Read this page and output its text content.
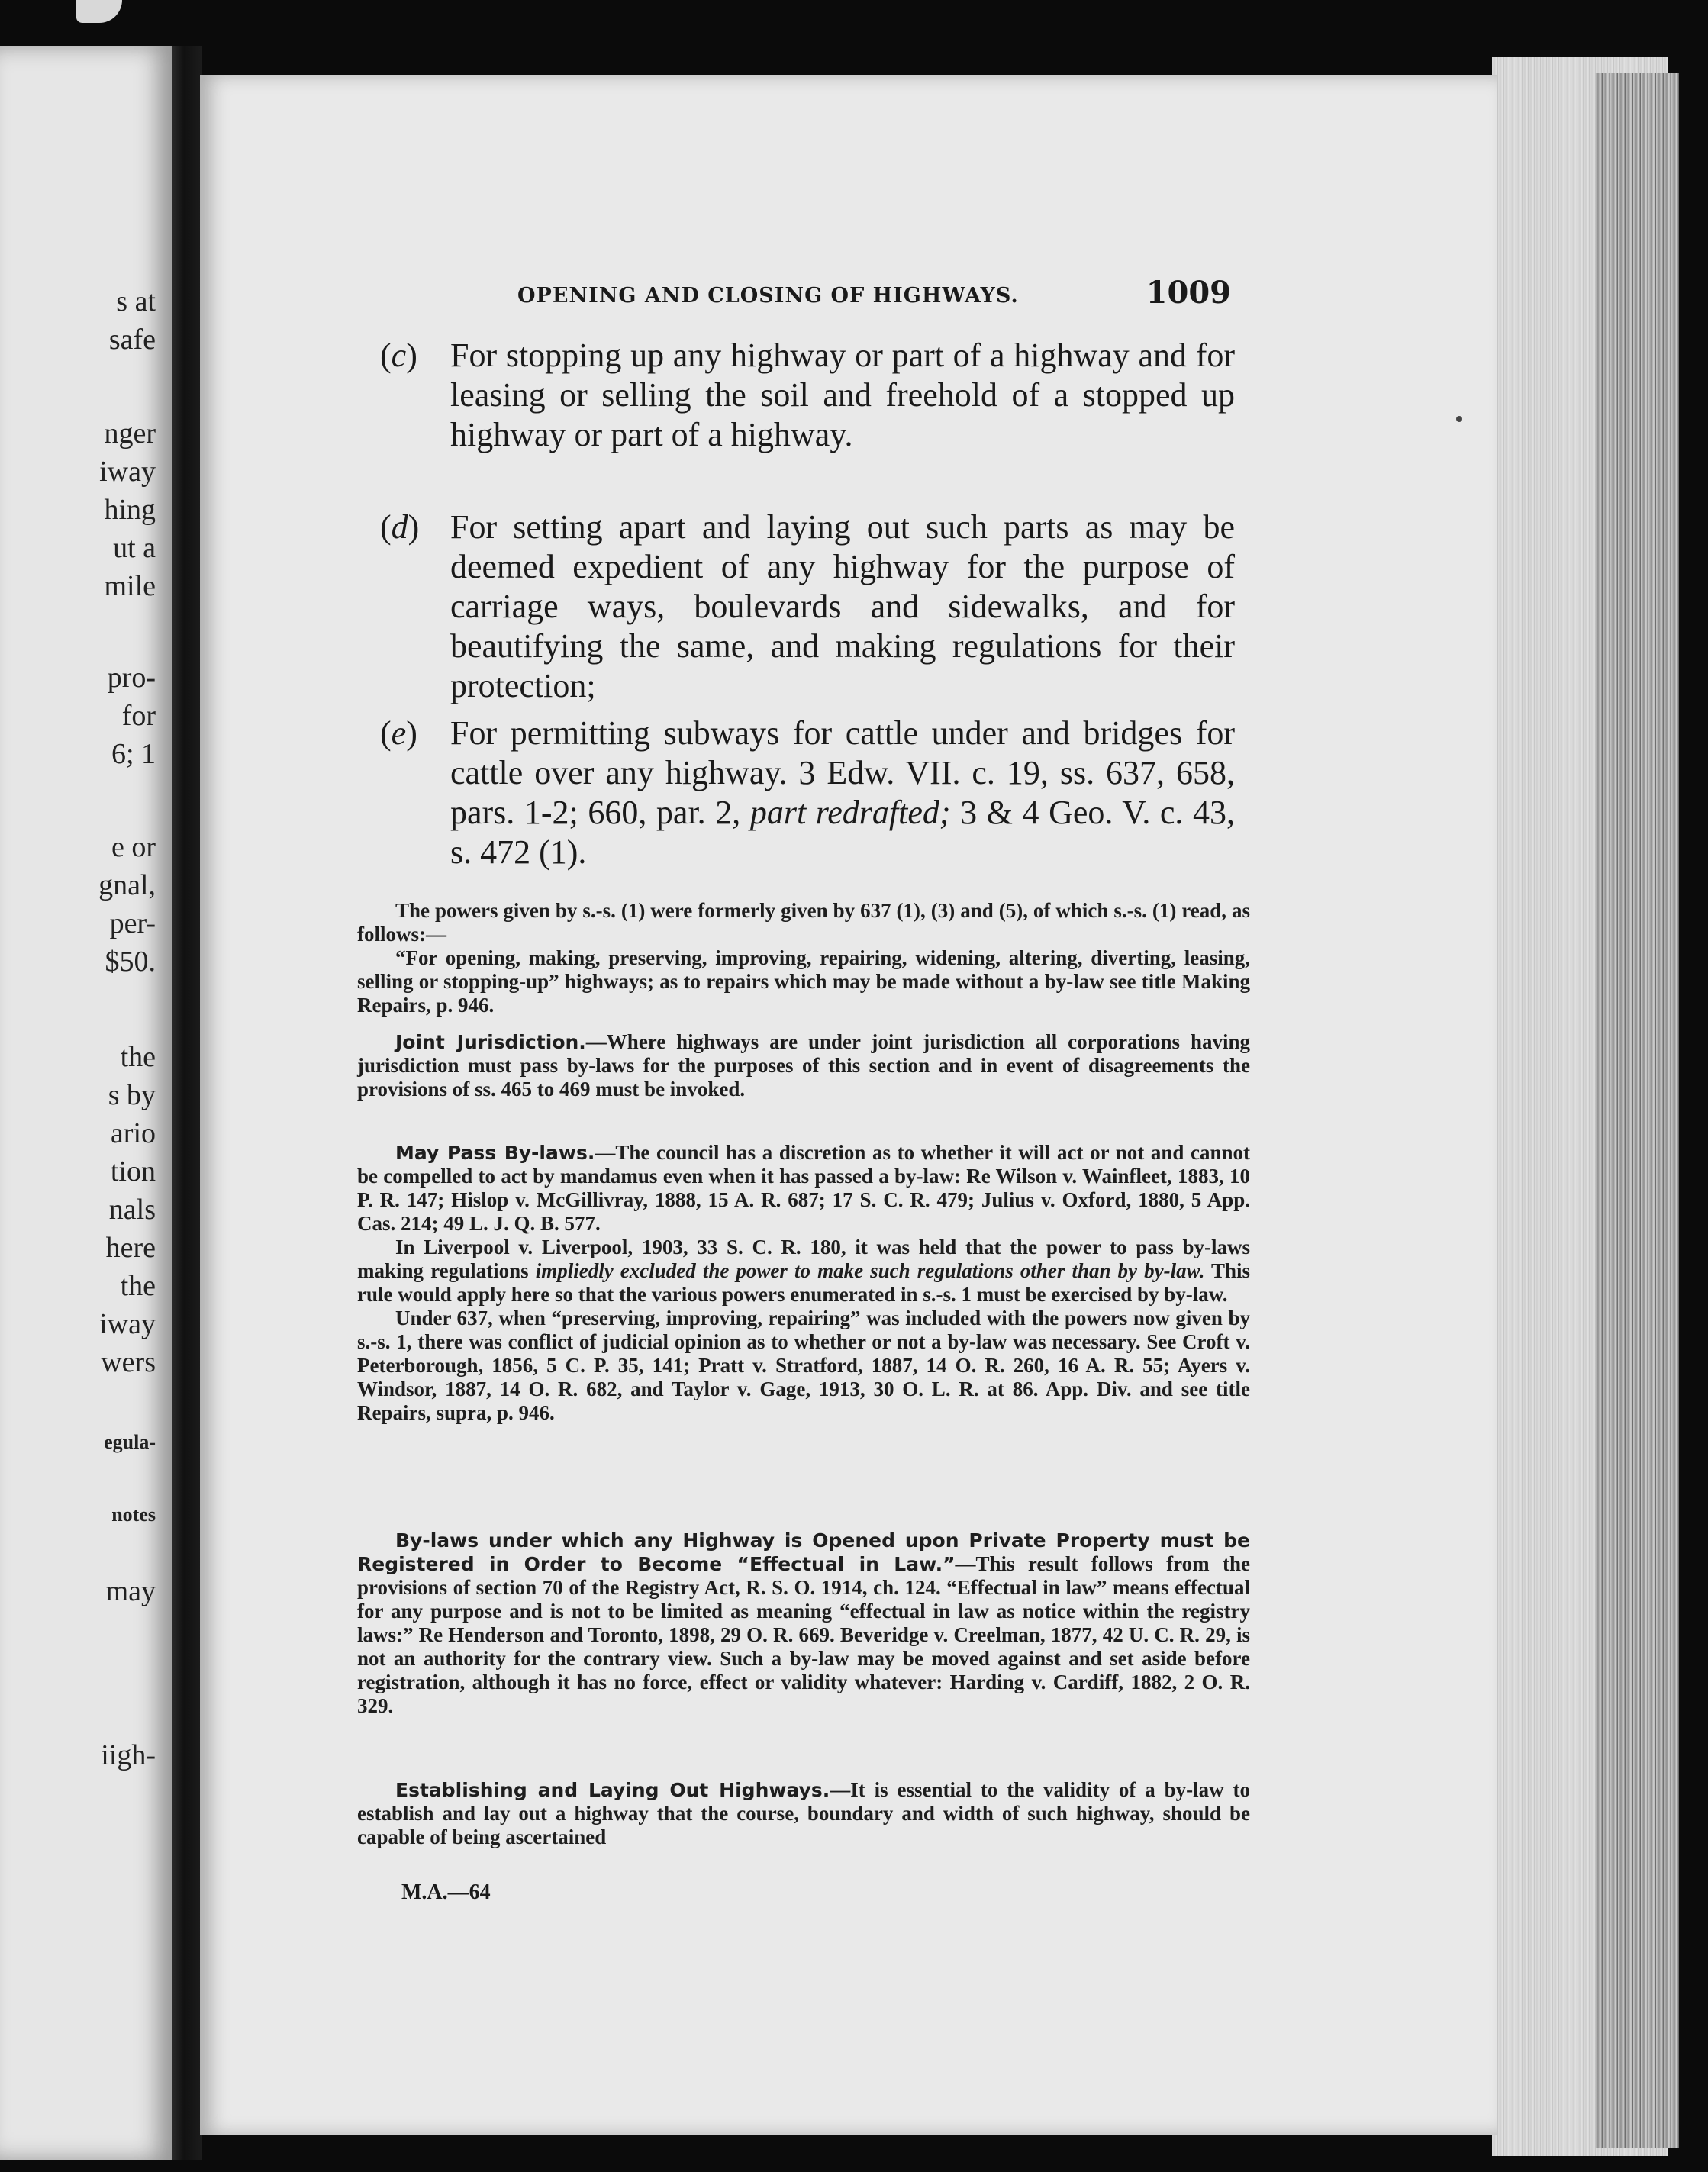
s at
safe
nger
iway
hing
ut a
mile
pro-
for
6; 1
e or
gnal,
per-
$50.
the
s by
ario
tion
nals
here
the
iway
wers
egula-
notes
may
iigh-
OPENING AND CLOSING OF HIGHWAYS.	1009
(c) For stopping up any highway or part of a highway and for leasing or selling the soil and freehold of a stopped up highway or part of a highway.
(d) For setting apart and laying out such parts as may be deemed expedient of any highway for the purpose of carriage ways, boulevards and sidewalks, and for beautifying the same, and making regulations for their protection;
(e) For permitting subways for cattle under and bridges for cattle over any highway. 3 Edw. VII. c. 19, ss. 637, 658, pars. 1-2; 660, par. 2, part redrafted; 3 & 4 Geo. V. c. 43, s. 472 (1).

The powers given by s.-s. (1) were formerly given by 637 (1), (3) and (5), of which s.-s. (1) read, as follows:—

“For opening, making, preserving, improving, repairing, widening, altering, diverting, leasing, selling or stopping-up” highways; as to repairs which may be made without a by-law see title Making Repairs, p. 946.

Joint Jurisdiction.—Where highways are under joint jurisdiction all corporations having jurisdiction must pass by-laws for the purposes of this section and in event of disagreements the provisions of ss. 465 to 469 must be invoked.

May Pass By-laws.—The council has a discretion as to whether it will act or not and cannot be compelled to act by mandamus even when it has passed a by-law: Re Wilson v. Wainfleet, 1883, 10 P. R. 147; Hislop v. McGillivray, 1888, 15 A. R. 687; 17 S. C. R. 479; Julius v. Oxford, 1880, 5 App. Cas. 214; 49 L. J. Q. B. 577.

In Liverpool v. Liverpool, 1903, 33 S. C. R. 180, it was held that the power to pass by-laws making regulations impliedly excluded the power to make such regulations other than by by-law. This rule would apply here so that the various powers enumerated in s.-s. 1 must be exercised by by-law.

Under 637, when “preserving, improving, repairing” was included with the powers now given by s.-s. 1, there was conflict of judicial opinion as to whether or not a by-law was necessary. See Croft v. Peterborough, 1856, 5 C. P. 35, 141; Pratt v. Stratford, 1887, 14 O. R. 260, 16 A. R. 55; Ayers v. Windsor, 1887, 14 O. R. 682, and Taylor v. Gage, 1913, 30 O. L. R. at 86. App. Div. and see title Repairs, supra, p. 946.

By-laws under which any Highway is Opened upon Private Property must be Registered in Order to Become “Effectual in Law.”—This result follows from the provisions of section 70 of the Registry Act, R. S. O. 1914, ch. 124. “Effectual in law” means effectual for any purpose and is not to be limited as meaning “effectual in law as notice within the registry laws:” Re Henderson and Toronto, 1898, 29 O. R. 669. Beveridge v. Creelman, 1877, 42 U. C. R. 29, is not an authority for the contrary view. Such a by-law may be moved against and set aside before registration, although it has no force, effect or validity whatever: Harding v. Cardiff, 1882, 2 O. R. 329.

Establishing and Laying Out Highways.—It is essential to the validity of a by-law to establish and lay out a highway that the course, boundary and width of such highway, should be capable of being ascertained

M.A.—64
